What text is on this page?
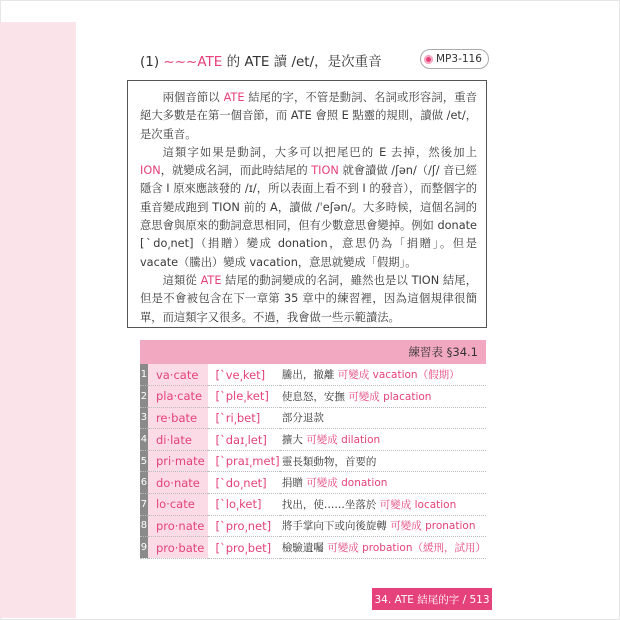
(1) ~~~ATE 的 ATE 讀 /et/，是次重音	MP3-116

兩個音節以 ATE 結尾的字，不管是動詞、名詞或形容詞，重音絕大多數是在第一個音節，而 ATE 會照 E 點靈的規則，讀做 /et/，是次重音。

這類字如果是動詞，大多可以把尾巴的 E 去掉，然後加上 ION，就變成名詞，而此時結尾的 TION 就會讀做 /ʃən/（/ʃ/ 音已經隱含 I 原來應該發的 /ɪ/，所以表面上看不到 I 的發音），而整個字的重音變成跑到 TION 前的 A，讀做 /ˈeʃən/。大多時候，這個名詞的意思會與原來的動詞意思相同，但有少數意思會變掉。例如 donate [ˋdo͵net]（捐贈）變成 donation，意思仍為「捐贈」。但是 vacate（騰出）變成 vacation，意思就變成「假期」。

這類從 ATE 結尾的動詞變成的名詞，雖然也是以 TION 結尾，但是不會被包含在下一章第 35 章中的練習裡，因為這個規律很簡單，而這類字又很多。不過，我會做一些示範讀法。

練習表 §34.1
1	va·cate	[ˋve͵ket]	騰出，撤離 可變成 vacation（假期）
2	pla·cate	[ˋple͵ket]	使息怒，安撫 可變成 placation
3	re·bate	[ˋri͵bet]	部分退款
4	di·late	[ˋdaɪ͵let]	擴大 可變成 dilation
5	pri·mate	[ˋpraɪ͵met]	靈長類動物，首要的
6	do·nate	[ˋdo͵net]	捐贈 可變成 donation
7	lo·cate	[ˋlo͵ket]	找出，使……坐落於 可變成 location
8	pro·nate	[ˋpro͵net]	將手掌向下或向後旋轉 可變成 pronation
9	pro·bate	[ˋpro͵bet]	檢驗遺囑 可變成 probation（緩刑，試用）
34. ATE 結尾的字 / 513
